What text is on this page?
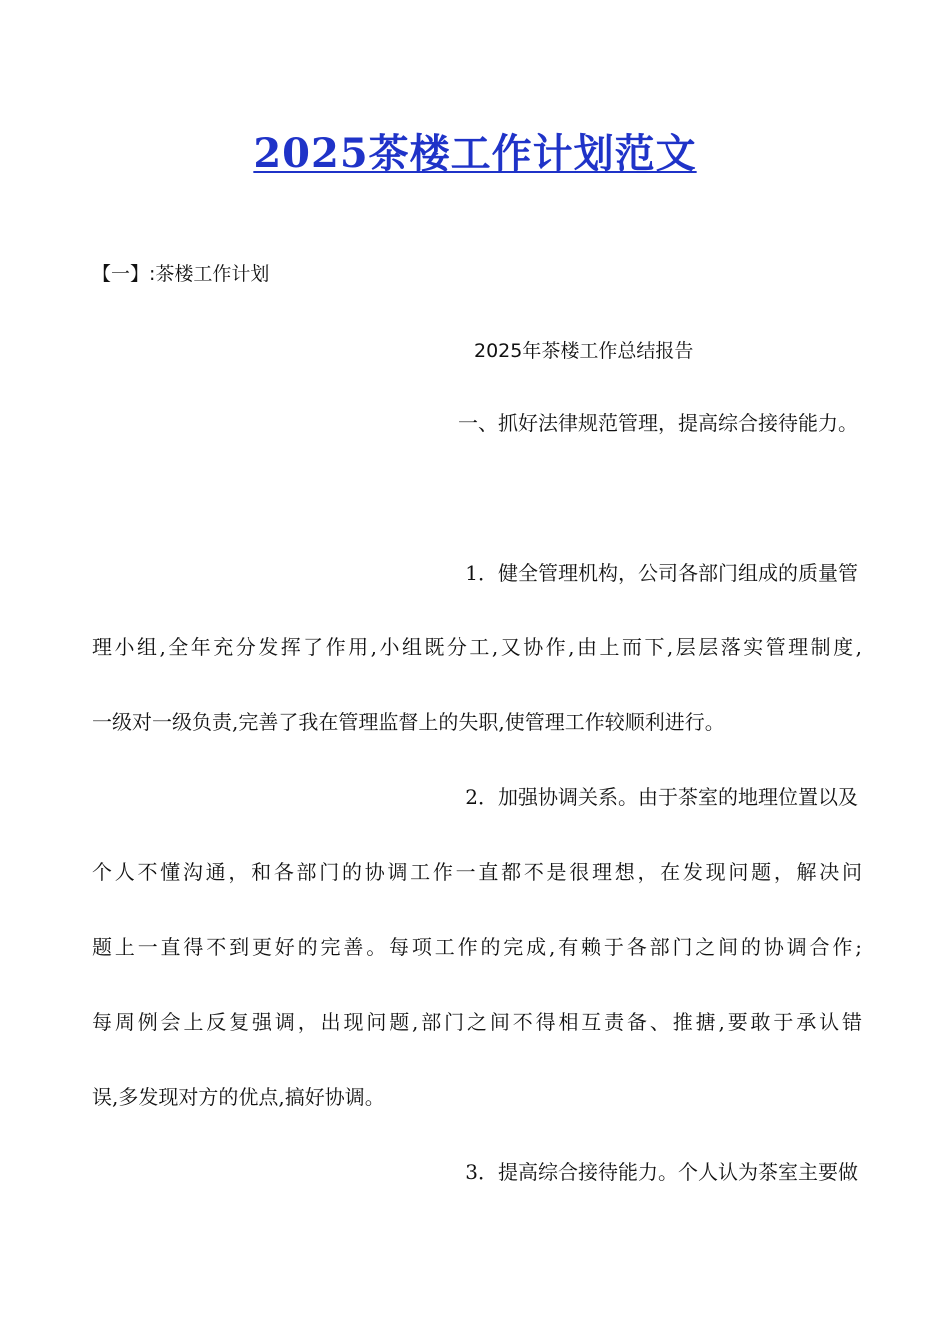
2025茶楼工作计划范文
【一】:茶楼工作计划
2025年茶楼工作总结报告
一、抓好法律规范管理，提高综合接待能力。
1．健全管理机构，公司各部门组成的质量管
理小组,全年充分发挥了作用,小组既分工,又协作,由上而下,层层落实管理制度,
一级对一级负责,完善了我在管理监督上的失职,使管理工作较顺利进行。
2．加强协调关系。由于茶室的地理位置以及
个人不懂沟通，和各部门的协调工作一直都不是很理想，在发现问题，解决问
题上一直得不到更好的完善。每项工作的完成,有赖于各部门之间的协调合作;
每周例会上反复强调，出现问题,部门之间不得相互责备、推搪,要敢于承认错
误,多发现对方的优点,搞好协调。
3．提高综合接待能力。个人认为茶室主要做
